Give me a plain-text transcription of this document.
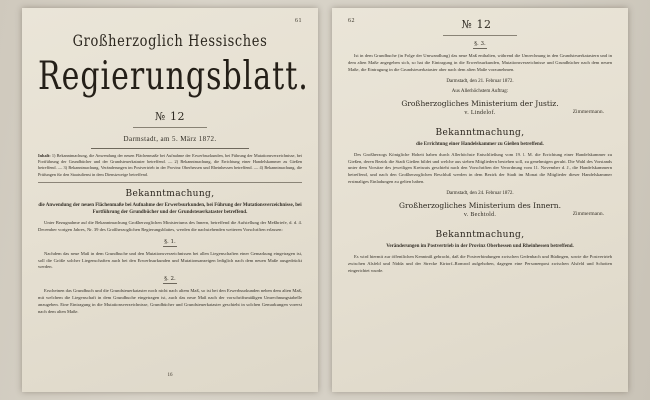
61
Großherzoglich Hessisches
Regierungsblatt.
№ 12
Darmstadt, am 5. März 1872.
Inhalt: 1) Bekanntmachung, die Anwendung der neuen Flächenmaße bei Aufnahme der Erwerbsurkunden, bei Führung der Mutationsverzeichnisse, bei Fortführung der Grundbücher und der Grundsteuerkataster betreffend. — 2) Bekanntmachung, die Errichtung einer Handelskammer zu Gießen betreffend. — 3) Bekanntmachung, Veränderungen im Postvertrieb in der Provinz Oberhessen und Rheinhessen betreffend. — 4) Bekanntmachung, die Prüfungen für den Staatsdienst in dem Dienstzweige betreffend.
Bekanntmachung,
die Anwendung der neuen Flächenmaße bei Aufnahme der Erwerbsurkunden, bei Führung der Mutationsverzeichnisse, bei Fortführung der Grundbücher und der Grundsteuerkataster betreffend.
Unter Bezugnahme auf die Bekanntmachung Großherzoglichen Ministeriums des Innern, betreffend die Aufstellung der Meßbriefe, d. d. 4. December vorigen Jahres, Nr. 39 des Großherzoglichen Regierungsblattes, werden die nachstehenden weiteren Vorschriften erlassen:
§. 1.
Nachdem das neue Maß in dem Grundbuche und den Mutationsverzeichnissen bei allen Liegenschaften einer Gemarkung eingetragen ist, soll die Größe solcher Liegenschaften auch bei den Erwerbsurkunden und Mutationsanzeigen lediglich nach dem neuen Maße ausgedrückt werden.
§. 2.
Erscheinen das Grundbuch und die Grundsteuerkataster noch nicht nach altem Maß, so ist bei den Erwerbsurkunden neben dem alten Maß, mit welchem die Liegenschaft in dem Grundbuche eingetragen ist, auch das neue Maß nach der vorschriftsmäßigen Umrechnungstabelle anzugeben. Eine Eintragung in die Mutationsverzeichnisse, Grundbücher und Grundsteuerkataster geschieht in solchen Gemarkungen vorerst nach dem alten Maße.
16
62	№ 12
§. 3.
Ist in dem Grundbuche (in Folge der Umwandlung) das neue Maß enthalten, während die Umrechnung in den Grundsteuerkatastern und in dem alten Maße angegeben sich, so hat die Eintragung in die Erwerbsurkunden, Mutationsverzeichnisse und Grundbücher nach dem neuen Maße, die Eintragung in die Grundsteuerkataster aber nach dem alten Maße vorzunehmen.
Darmstadt, den 21. Februar 1872.
Aus Allerhöchstem Auftrag:
Großherzogliches Ministerium der Justiz.
v. Lindelof.	Zimmermann.
Bekanntmachung,
die Errichtung einer Handelskammer zu Gießen betreffend.
Des Großherzogs Königliche Hoheit haben durch Allerhöchste Entschließung vom 19. l. M. die Errichtung einer Handelskammer zu Gießen, deren Bezirk die Stadt Gießen bildet und welche aus sieben Mitgliedern bestehen soll, zu genehmigen geruht. Die Wahl des Vorstands unter dem Vorsitze des jeweiligen Kreisrats geschieht nach den Vorschriften der Verordnung vom 11. November d. J., die Handelskammern betreffend, und nach den Großherzoglichen Beschluß werden in dem Bezirk der Stadt im Monat die Mitglieder dieser Handelskammer erstmaliges Einladungen zu gelten haben.
Darmstadt, den 24. Februar 1872.
Großherzogliches Ministerium des Innern.
v. Bechtold.	Zimmermann.
Bekanntmachung,
Veränderungen im Postvertrieb in der Provinz Oberhessen und Rheinhessen betreffend.
Es wird hiermit zur öffentlichen Kenntniß gebracht, daß die Postverbindungen zwischen Gedenbach und Büdingen, sowie die Postvertrieb zwischen Alsfeld und Nidda und der Strecke Kirtorf–Romrod aufgehoben, dagegen eine Personenpost zwischen Alsfeld und Schotten eingerichtet wurde.
